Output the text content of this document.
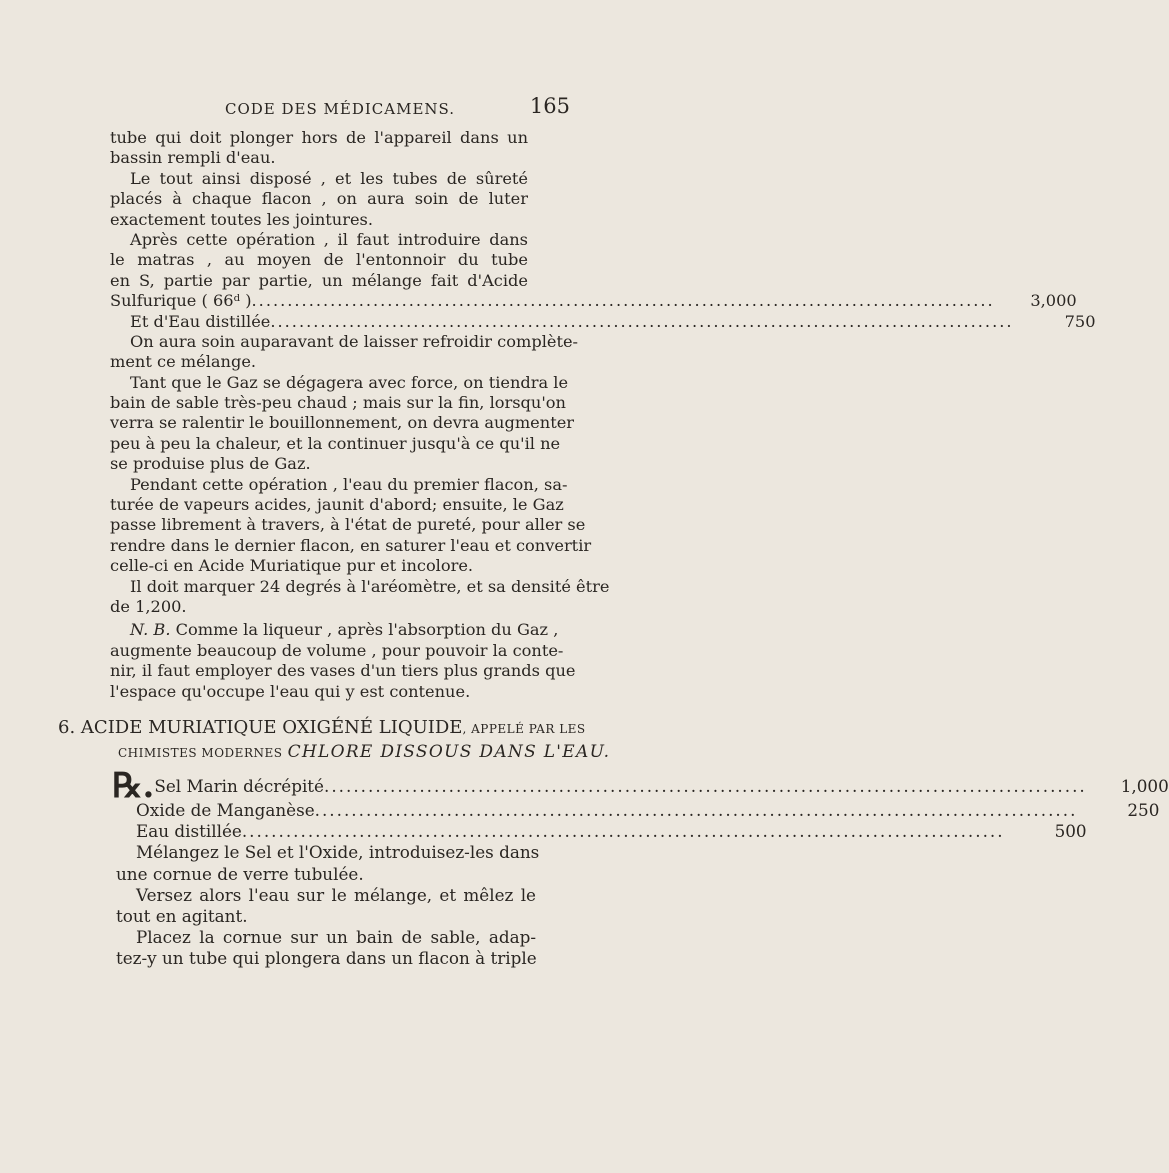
CODE DES MÉDICAMENS.	165
tube qui doit plonger hors de l'appareil dans un
bassin rempli d'eau.
Le tout ainsi disposé , et les tubes de sûreté
placés à chaque flacon , on aura soin de luter
exactement toutes les jointures.
Après cette opération , il faut introduire dans
le matras , au moyen de l'entonnoir du tube
en S, partie par partie, un mélange fait d'Acide
Sulfurique ( 66ᵈ ) .....	3,000
Et d'Eau distillée .....	750
On aura soin auparavant de laisser refroidir complète-
ment ce mélange.
Tant que le Gaz se dégagera avec force, on tiendra le
bain de sable très-peu chaud ; mais sur la fin, lorsqu'on
verra se ralentir le bouillonnement, on devra augmenter
peu à peu la chaleur, et la continuer jusqu'à ce qu'il ne
se produise plus de Gaz.
Pendant cette opération , l'eau du premier flacon, sa-
turée de vapeurs acides, jaunit d'abord; ensuite, le Gaz
passe librement à travers, à l'état de pureté, pour aller se
rendre dans le dernier flacon, en saturer l'eau et convertir
celle-ci en Acide Muriatique pur et incolore.
Il doit marquer 24 degrés à l'aréomètre, et sa densité être
de 1,200.
N. B. Comme la liqueur , après l'absorption du Gaz ,
augmente beaucoup de volume , pour pouvoir la conte-
nir, il faut employer des vases d'un tiers plus grands que
l'espace qu'occupe l'eau qui y est contenue.
6. ACIDE MURIATIQUE OXIGÉNÉ LIQUIDE, APPELÉ PAR LES
CHIMISTES MODERNES CHLORE DISSOUS DANS L'EAU.
℞. Sel Marin décrépité .....	1,000
Oxide de Manganèse .....	250
Eau distillée .....	500
Mélangez le Sel et l'Oxide, introduisez-les dans
une cornue de verre tubulée.
Versez alors l'eau sur le mélange, et mêlez le
tout en agitant.
Placez la cornue sur un bain de sable, adap-
tez-y un tube qui plongera dans un flacon à triple
